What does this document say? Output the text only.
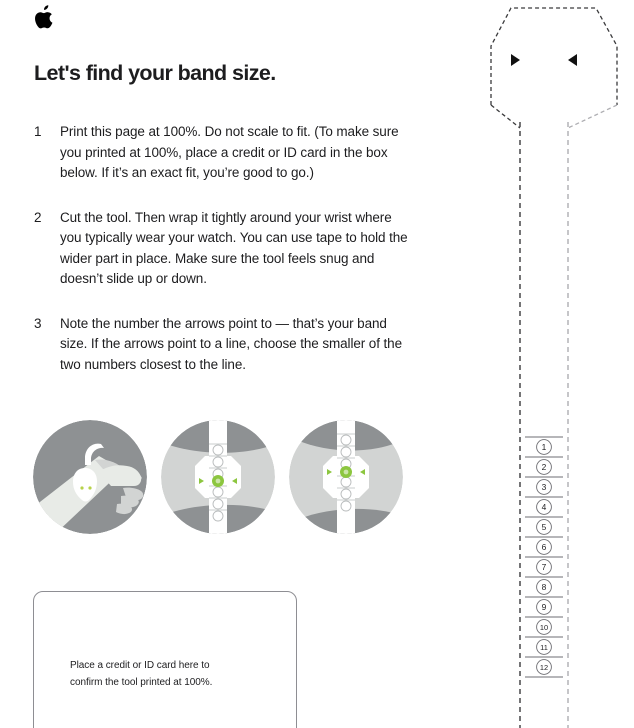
Let's find your band size.
1	Print this page at 100%. Do not scale to fit. (To make sure you printed at 100%, place a credit or ID card in the box below. If it’s an exact fit, you’re good to go.)
2	Cut the tool. Then wrap it tightly around your wrist where you typically wear your watch. You can use tape to hold the wider part in place. Make sure the tool feels snug and doesn’t slide up or down.
3	Note the number the arrows point to — that’s your band size. If the arrows point to a line, choose the smaller of the two numbers closest to the line.
Place a credit or ID card here to
confirm the tool printed at 100%.
1
2
3
4
5
6
7
8
9
10
11
12
